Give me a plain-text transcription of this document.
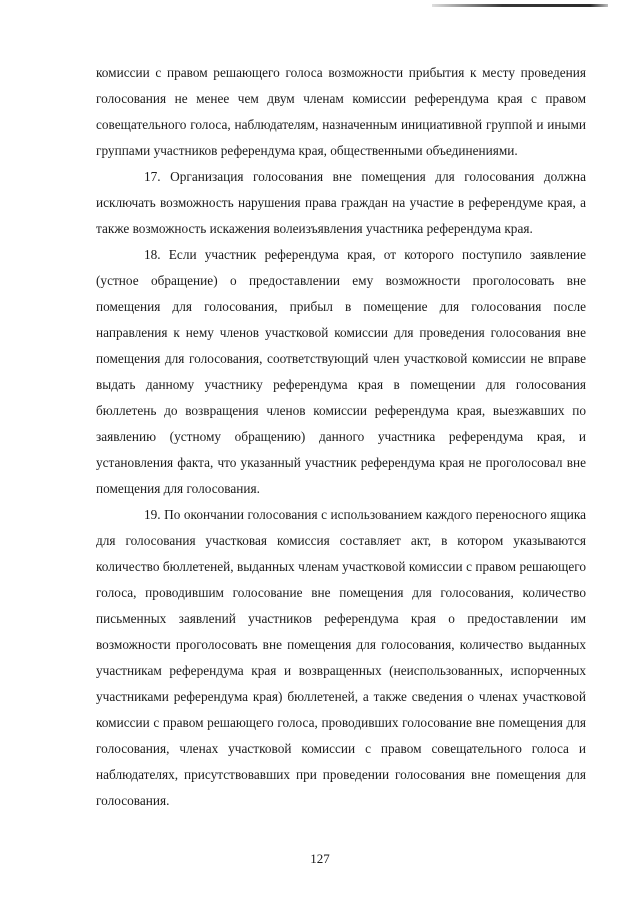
комиссии с правом решающего голоса возможности прибытия к месту проведения голосования не менее чем двум членам комиссии референдума края с правом совещательного голоса, наблюдателям, назначенным инициативной группой и иными группами участников референдума края, общественными объединениями.

17. Организация голосования вне помещения для голосования должна исключать возможность нарушения права граждан на участие в референдуме края, а также возможность искажения волеизъявления участника референдума края.

18. Если участник референдума края, от которого поступило заявление (устное обращение) о предоставлении ему возможности проголосовать вне помещения для голосования, прибыл в помещение для голосования после направления к нему членов участковой комиссии для проведения голосования вне помещения для голосования, соответствующий член участковой комиссии не вправе выдать данному участнику референдума края в помещении для голосования бюллетень до возвращения членов комиссии референдума края, выезжавших по заявлению (устному обращению) данного участника референдума края, и установления факта, что указанный участник референдума края не проголосовал вне помещения для голосования.

19. По окончании голосования с использованием каждого переносного ящика для голосования участковая комиссия составляет акт, в котором указываются количество бюллетеней, выданных членам участковой комиссии с правом решающего голоса, проводившим голосование вне помещения для голосования, количество письменных заявлений участников референдума края о предоставлении им возможности проголосовать вне помещения для голосования, количество выданных участникам референдума края и возвращенных (неиспользованных, испорченных участниками референдума края) бюллетеней, а также сведения о членах участковой комиссии с правом решающего голоса, проводивших голосование вне помещения для голосования, членах участковой комиссии с правом совещательного голоса и наблюдателях, присутствовавших при проведении голосования вне помещения для голосования.

127
